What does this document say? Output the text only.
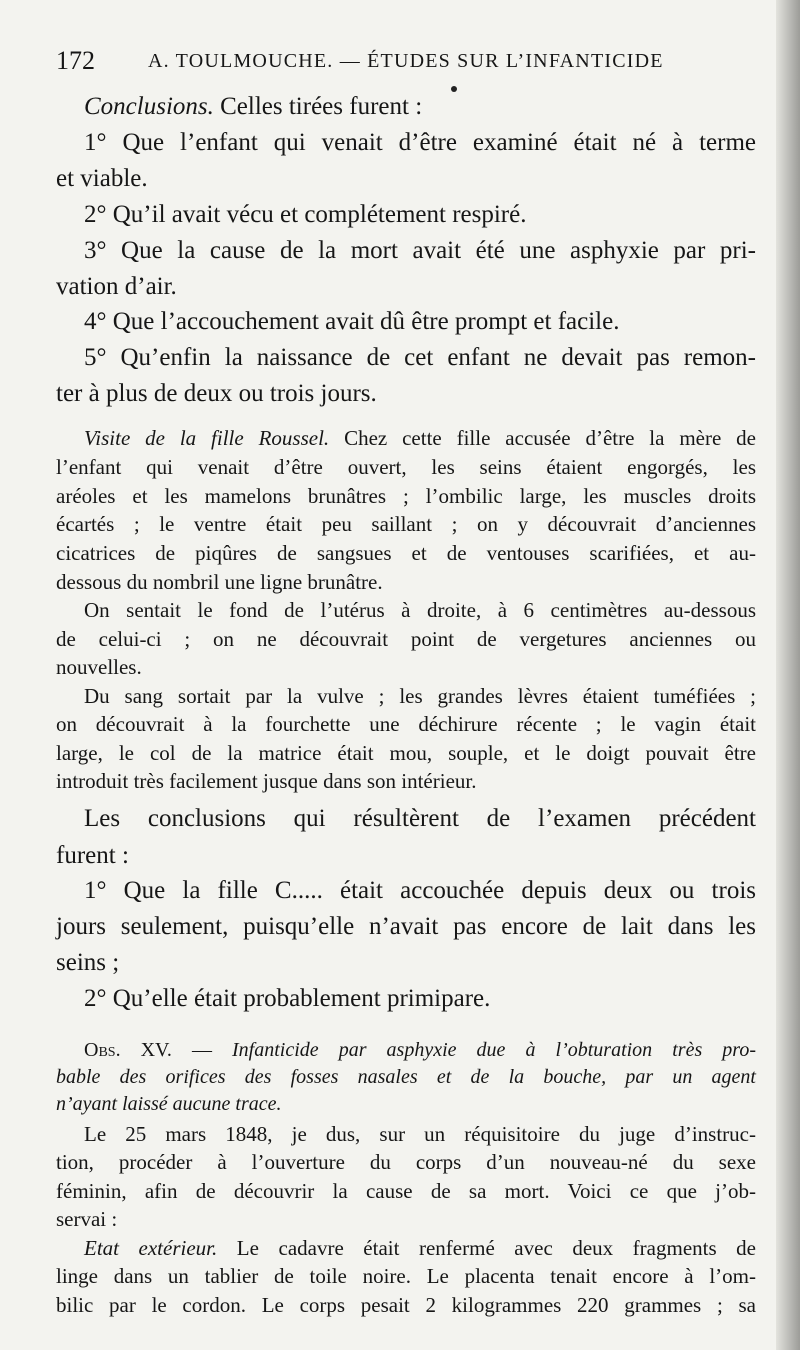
172	A. TOULMOUCHE. — ÉTUDES SUR L’INFANTICIDE
Conclusions. Celles tirées furent :
1° Que l’enfant qui venait d’être examiné était né à terme
et viable.
2° Qu’il avait vécu et complétement respiré.
3° Que la cause de la mort avait été une asphyxie par pri-
vation d’air.
4° Que l’accouchement avait dû être prompt et facile.
5° Qu’enfin la naissance de cet enfant ne devait pas remon-
ter à plus de deux ou trois jours.
Visite de la fille Roussel. Chez cette fille accusée d’être la mère de
l’enfant qui venait d’être ouvert, les seins étaient engorgés, les
aréoles et les mamelons brunâtres ; l’ombilic large, les muscles droits
écartés ; le ventre était peu saillant ; on y découvrait d’anciennes
cicatrices de piqûres de sangsues et de ventouses scarifiées, et au-
dessous du nombril une ligne brunâtre.
On sentait le fond de l’utérus à droite, à 6 centimètres au-dessous
de celui-ci ; on ne découvrait point de vergetures anciennes ou
nouvelles.
Du sang sortait par la vulve ; les grandes lèvres étaient tuméfiées ;
on découvrait à la fourchette une déchirure récente ; le vagin était
large, le col de la matrice était mou, souple, et le doigt pouvait être
introduit très facilement jusque dans son intérieur.
Les conclusions qui résultèrent de l’examen précédent
furent :
1° Que la fille C..... était accouchée depuis deux ou trois
jours seulement, puisqu’elle n’avait pas encore de lait dans les
seins ;
2° Qu’elle était probablement primipare.
Obs. XV. — Infanticide par asphyxie due à l’obturation très pro-
bable des orifices des fosses nasales et de la bouche, par un agent
n’ayant laissé aucune trace.
Le 25 mars 1848, je dus, sur un réquisitoire du juge d’instruc-
tion, procéder à l’ouverture du corps d’un nouveau-né du sexe
féminin, afin de découvrir la cause de sa mort. Voici ce que j’ob-
servai :
Etat extérieur. Le cadavre était renfermé avec deux fragments de
linge dans un tablier de toile noire. Le placenta tenait encore à l’om-
bilic par le cordon. Le corps pesait 2 kilogrammes 220 grammes ; sa
